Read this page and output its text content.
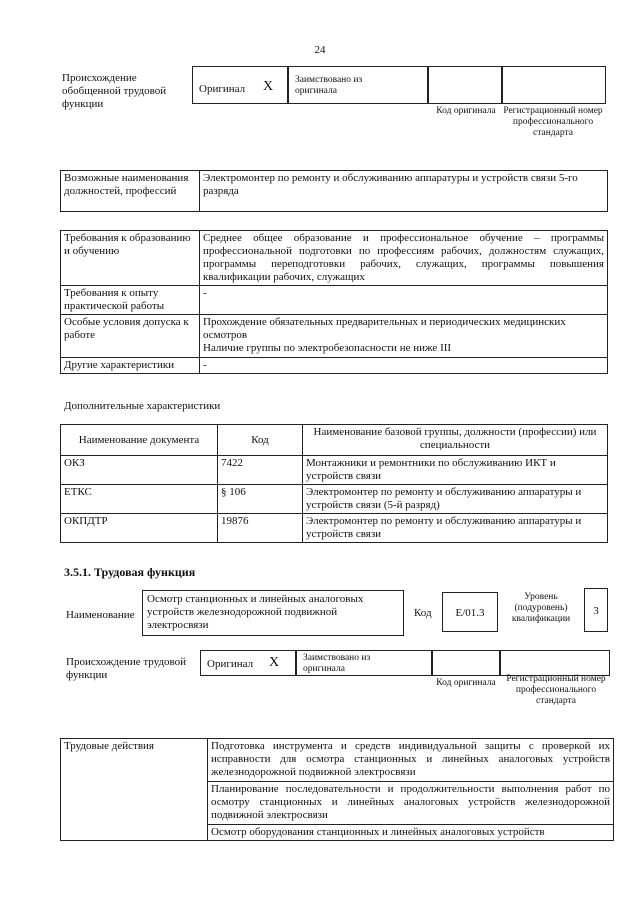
24
Происхождение обобщенной трудовой функции
Оригинал X Заимствовано из оригинала
Код оригинала Регистрационный номер профессионального стандарта
Возможные наименования должностей, профессий	Электромонтер по ремонту и обслуживанию аппаратуры и устройств связи 5-го разряда
Требования к образованию и обучению	Среднее общее образование и профессиональное обучение – программы профессиональной подготовки по профессиям рабочих, должностям служащих, программы переподготовки рабочих, служащих, программы повышения квалификации рабочих, служащих
Требования к опыту практической работы	-
Особые условия допуска к работе	Прохождение обязательных предварительных и периодических медицинских осмотров
Наличие группы по электробезопасности не ниже III

Другие характеристики	-
Дополнительные характеристики
Наименование документа	Код	Наименование базовой группы, должности (профессии) или специальности
ОКЗ	7422	Монтажники и ремонтники по обслуживанию ИКТ и устройств связи
ЕТКС	§ 106	Электромонтер по ремонту и обслуживанию аппаратуры и устройств связи (5-й разряд)
ОКПДТР	19876	Электромонтер по ремонту и обслуживанию аппаратуры и устройств связи
3.5.1. Трудовая функция
Наименование
Осмотр станционных и линейных аналоговых устройств железнодорожной подвижной электросвязи
Код	E/01.3
Уровень (подуровень) квалификации
3
Происхождение трудовой функции
Оригинал X	Заимствовано из оригинала
Код оригинала	Регистрационный номер профессионального стандарта
Трудовые действия	Подготовка инструмента и средств индивидуальной защиты с проверкой их исправности для осмотра станционных и линейных аналоговых устройств железнодорожной подвижной электросвязи
Планирование последовательности и продолжительности выполнения работ по осмотру станционных и линейных аналоговых устройств железнодорожной подвижной электросвязи
Осмотр оборудования станционных и линейных аналоговых устройств
